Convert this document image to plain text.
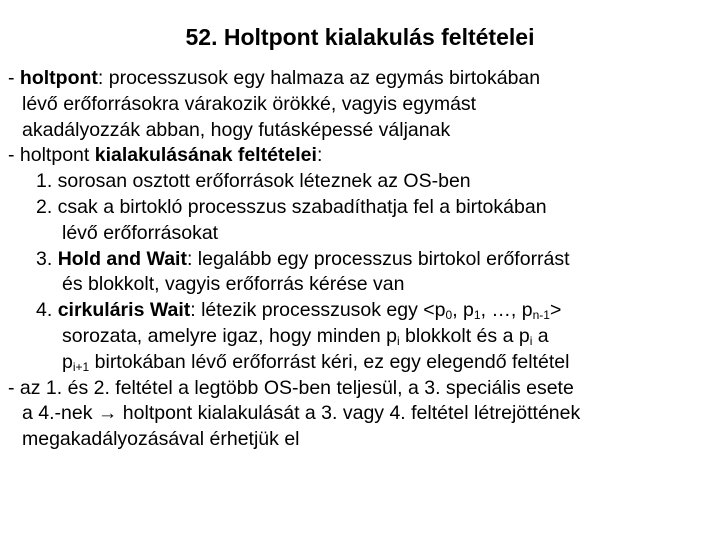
52. Holtpont kialakulás feltételei
- holtpont: processzusok egy halmaza az egymás birtokában
lévő erőforrásokra várakozik örökké, vagyis egymást
akadályozzák abban, hogy futásképessé váljanak
- holtpont kialakulásának feltételei:
1. sorosan osztott erőforrások léteznek az OS-ben
2. csak a birtokló processzus szabadíthatja fel a birtokában
lévő erőforrásokat
3. Hold and Wait: legalább egy processzus birtokol erőforrást
és blokkolt, vagyis erőforrás kérése van
4. cirkuláris Wait: létezik processzusok egy $<p_0$, $p_1$, …, $p_{n-1}>$
sorozata, amelyre igaz, hogy minden $p_i$ blokkolt és a $p_i$ a
$p_{i+1}$ birtokában lévő erőforrást kéri, ez egy elegendő feltétel
- az 1. és 2. feltétel a legtöbb OS-ben teljesül, a 3. speciális esete
a 4.-nek → holtpont kialakulását a 3. vagy 4. feltétel létrejöttének
megakadályozásával érhetjük el
